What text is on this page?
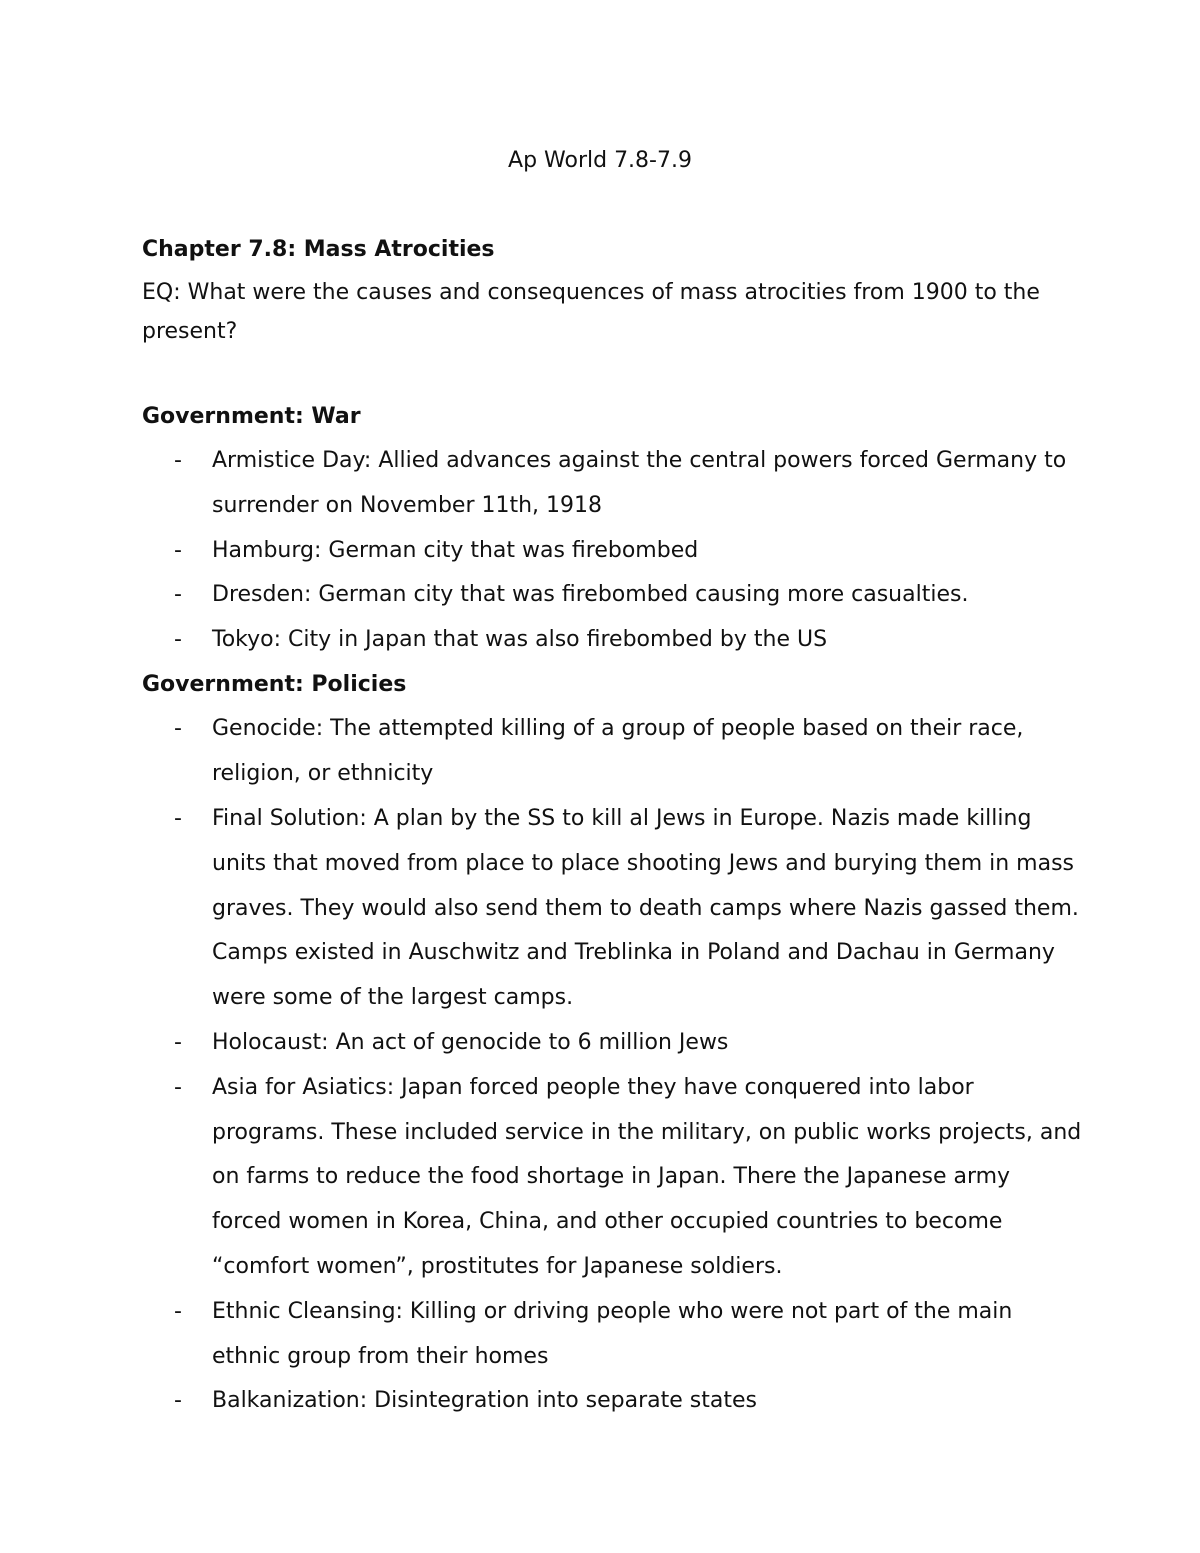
Ap World 7.8-7.9

Chapter 7.8: Mass Atrocities

EQ: What were the causes and consequences of mass atrocities from 1900 to the present?

Government: War

- Armistice Day: Allied advances against the central powers forced Germany to surrender on November 11th, 1918
- Hamburg: German city that was firebombed
- Dresden: German city that was firebombed causing more casualties.
- Tokyo: City in Japan that was also firebombed by the US

Government: Policies

- Genocide: The attempted killing of a group of people based on their race, religion, or ethnicity
- Final Solution: A plan by the SS to kill al Jews in Europe. Nazis made killing units that moved from place to place shooting Jews and burying them in mass graves. They would also send them to death camps where Nazis gassed them. Camps existed in Auschwitz and Treblinka in Poland and Dachau in Germany were some of the largest camps.
- Holocaust: An act of genocide to 6 million Jews
- Asia for Asiatics: Japan forced people they have conquered into labor programs. These included service in the military, on public works projects, and on farms to reduce the food shortage in Japan. There the Japanese army forced women in Korea, China, and other occupied countries to become “comfort women”, prostitutes for Japanese soldiers.
- Ethnic Cleansing: Killing or driving people who were not part of the main ethnic group from their homes
- Balkanization: Disintegration into separate states
